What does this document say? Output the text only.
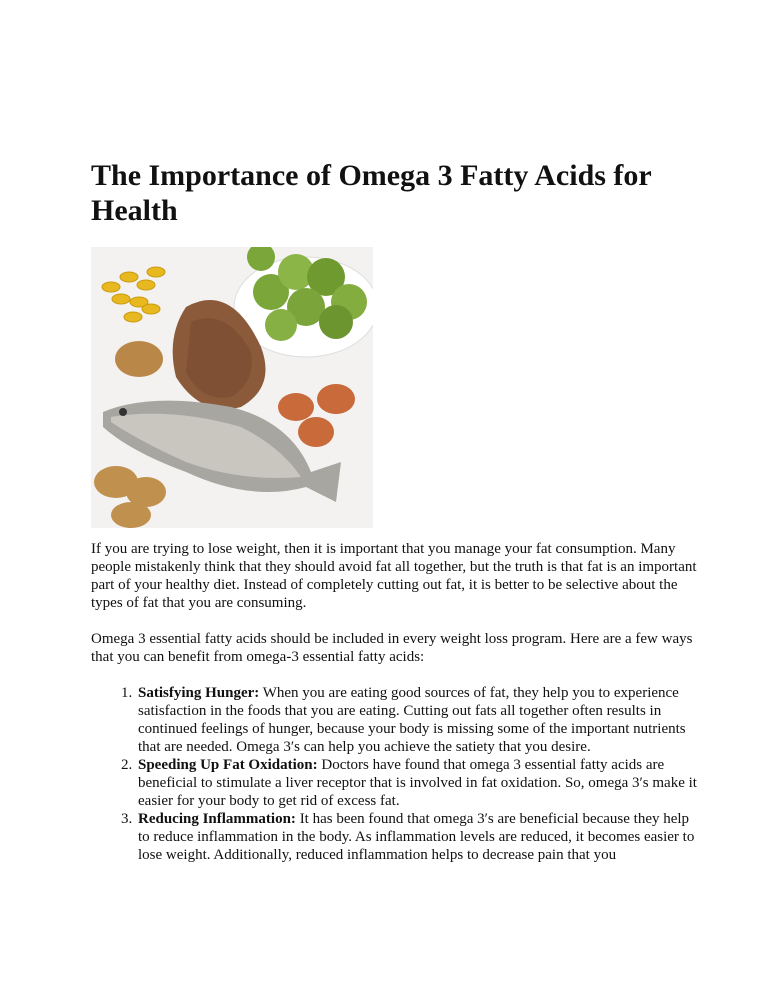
The Importance of Omega 3 Fatty Acids for Health

If you are trying to lose weight, then it is important that you manage your fat consumption. Many people mistakenly think that they should avoid fat all together, but the truth is that fat is an important part of your healthy diet. Instead of completely cutting out fat, it is better to be selective about the types of fat that you are consuming.

Omega 3 essential fatty acids should be included in every weight loss program. Here are a few ways that you can benefit from omega-3 essential fatty acids:

1. Satisfying Hunger: When you are eating good sources of fat, they help you to experience satisfaction in the foods that you are eating. Cutting out fats all together often results in continued feelings of hunger, because your body is missing some of the important nutrients that are needed. Omega 3′s can help you achieve the satiety that you desire.
2. Speeding Up Fat Oxidation: Doctors have found that omega 3 essential fatty acids are beneficial to stimulate a liver receptor that is involved in fat oxidation. So, omega 3′s make it easier for your body to get rid of excess fat.
3. Reducing Inflammation: It has been found that omega 3′s are beneficial because they help to reduce inflammation in the body. As inflammation levels are reduced, it becomes easier to lose weight. Additionally, reduced inflammation helps to decrease pain that you
